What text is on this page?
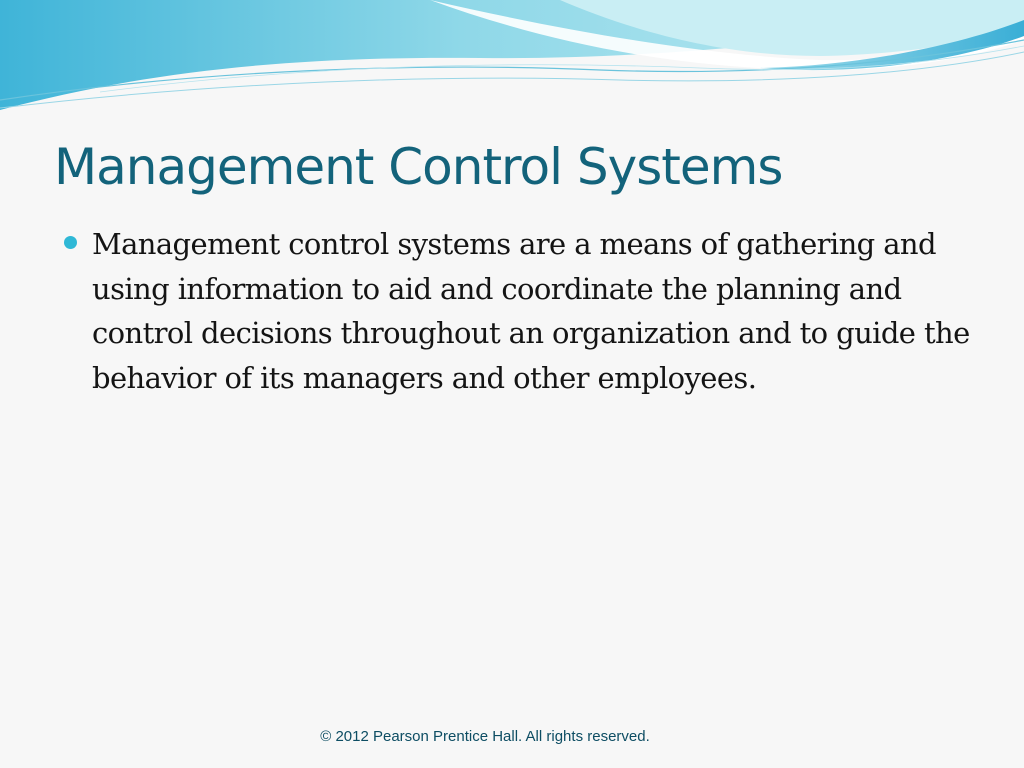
Management Control Systems
Management control systems are a means of gathering and using information to aid and coordinate the planning and control decisions throughout an organization and to guide the behavior of its managers and other employees.
© 2012 Pearson Prentice Hall. All rights reserved.
